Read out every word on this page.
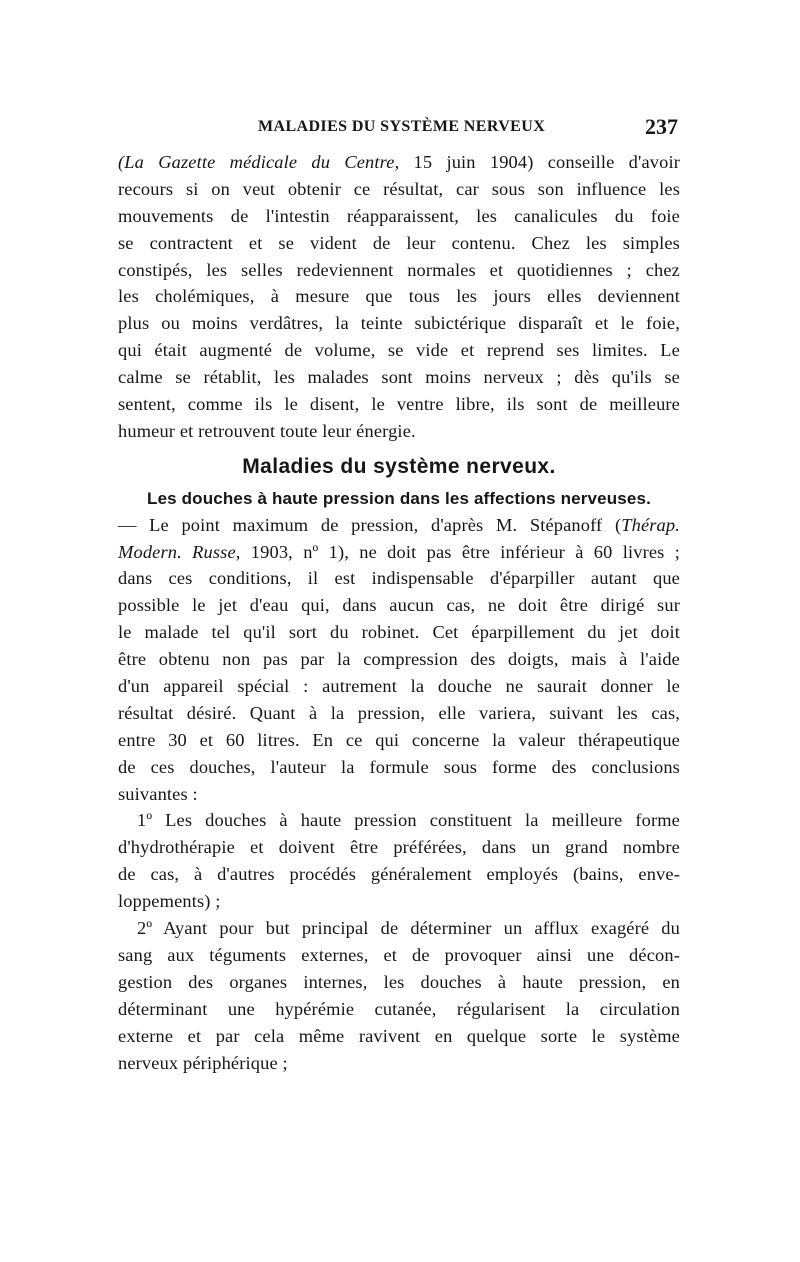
MALADIES DU SYSTÈME NERVEUX	237
(La Gazette médicale du Centre, 15 juin 1904) conseille d'avoir
recours si on veut obtenir ce résultat, car sous son influence les
mouvements de l'intestin réapparaissent, les canalicules du foie
se contractent et se vident de leur contenu. Chez les simples
constipés, les selles redeviennent normales et quotidiennes ; chez
les cholémiques, à mesure que tous les jours elles deviennent
plus ou moins verdâtres, la teinte subictérique disparaît et le foie,
qui était augmenté de volume, se vide et reprend ses limites. Le
calme se rétablit, les malades sont moins nerveux ; dès qu'ils se
sentent, comme ils le disent, le ventre libre, ils sont de meilleure
humeur et retrouvent toute leur énergie.
Maladies du système nerveux.
Les douches à haute pression dans les affections nerveuses.
— Le point maximum de pression, d'après M. Stépanoff (Thérap.
Modern. Russe, 1903, nº 1), ne doit pas être inférieur à 60 livres ;
dans ces conditions, il est indispensable d'éparpiller autant que
possible le jet d'eau qui, dans aucun cas, ne doit être dirigé sur
le malade tel qu'il sort du robinet. Cet éparpillement du jet doit
être obtenu non pas par la compression des doigts, mais à l'aide
d'un appareil spécial : autrement la douche ne saurait donner le
résultat désiré. Quant à la pression, elle variera, suivant les cas,
entre 30 et 60 litres. En ce qui concerne la valeur thérapeutique
de ces douches, l'auteur la formule sous forme des conclusions
suivantes :
1º Les douches à haute pression constituent la meilleure forme
d'hydrothérapie et doivent être préférées, dans un grand nombre
de cas, à d'autres procédés généralement employés (bains, enve-
loppements) ;
2º Ayant pour but principal de déterminer un afflux exagéré du
sang aux téguments externes, et de provoquer ainsi une décon-
gestion des organes internes, les douches à haute pression, en
déterminant une hypérémie cutanée, régularisent la circulation
externe et par cela même ravivent en quelque sorte le système
nerveux périphérique ;
